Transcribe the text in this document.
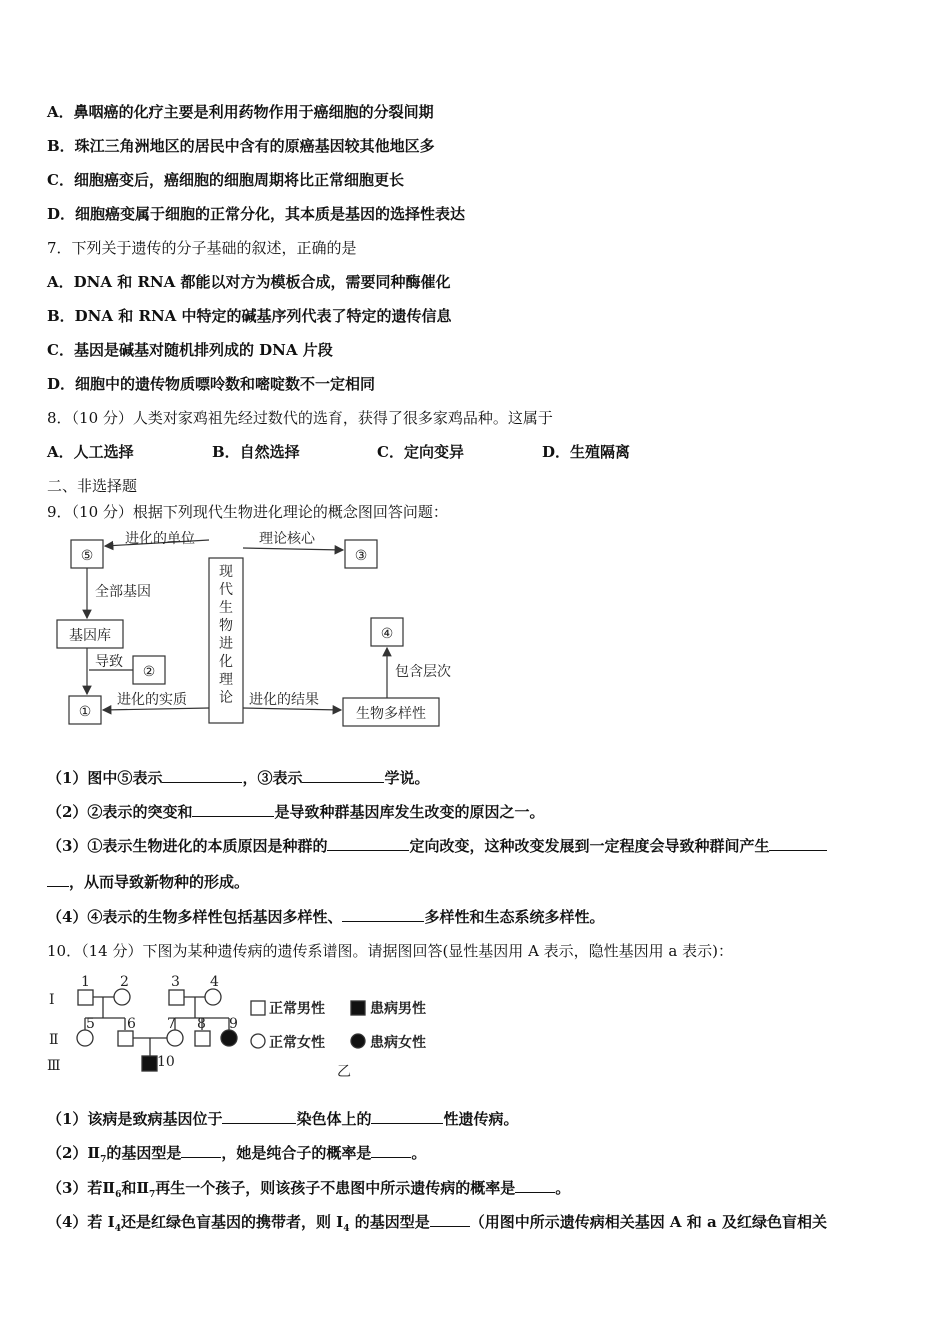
A．鼻咽癌的化疗主要是利用药物作用于癌细胞的分裂间期
B．珠江三角洲地区的居民中含有的原癌基因较其他地区多
C．细胞癌变后，癌细胞的细胞周期将比正常细胞更长
D．细胞癌变属于细胞的正常分化，其本质是基因的选择性表达
7．下列关于遗传的分子基础的叙述，正确的是
A．DNA 和 RNA 都能以对方为模板合成，需要同种酶催化
B．DNA 和 RNA 中特定的碱基序列代表了特定的遗传信息
C．基因是碱基对随机排列成的 DNA 片段
D．细胞中的遗传物质嘌呤数和嘧啶数不一定相同
8．（10 分）人类对家鸡祖先经过数代的选育，获得了很多家鸡品种。这属于
A．人工选择	B．自然选择	C．定向变异	D．生殖隔离
二、非选择题
9．（10 分）根据下列现代生物进化理论的概念图回答问题：
⑤	③
④
②
①
基因库
生物多样性
进化的单位	理论核心
全部基因
导致
进化的实质	进化的结果
包含层次
现
代
生
物
进
化
理
论
（1）图中⑤表示	，③表示	学说。
（2）②表示的突变和	是导致种群基因库发生改变的原因之一。
（3）①表示生物进化的本质原因是种群的	定向改变，这种改变发展到一定程度会导致种群间产生
，从而导致新物种的形成。
（4）④表示的生物多样性包括基因多样性、	多样性和生态系统多样性。
10．（14 分）下图为某种遗传病的遗传系谱图。请据图回答(显性基因用 A 表示，隐性基因用 a 表示)：
Ⅰ
Ⅱ
Ⅲ
1 2	3 4
5 6 7 8 9
10
正常男性	患病男性
正常女性	患病女性
乙
（1）该病是致病基因位于	染色体上的	性遗传病。
$(2)Ⅱ_7$的基因型是	，她是纯合子的概率是	。
（3）若$Ⅱ_6$和$Ⅱ_7$再生一个孩子，则该孩子不患图中所示遗传病的概率是	。
（4）若 $I_4$还是红绿色盲基因的携带者，则 $I_4$ 的基因型是	（用图中所示遗传病相关基因 A 和 a 及红绿色盲相关
